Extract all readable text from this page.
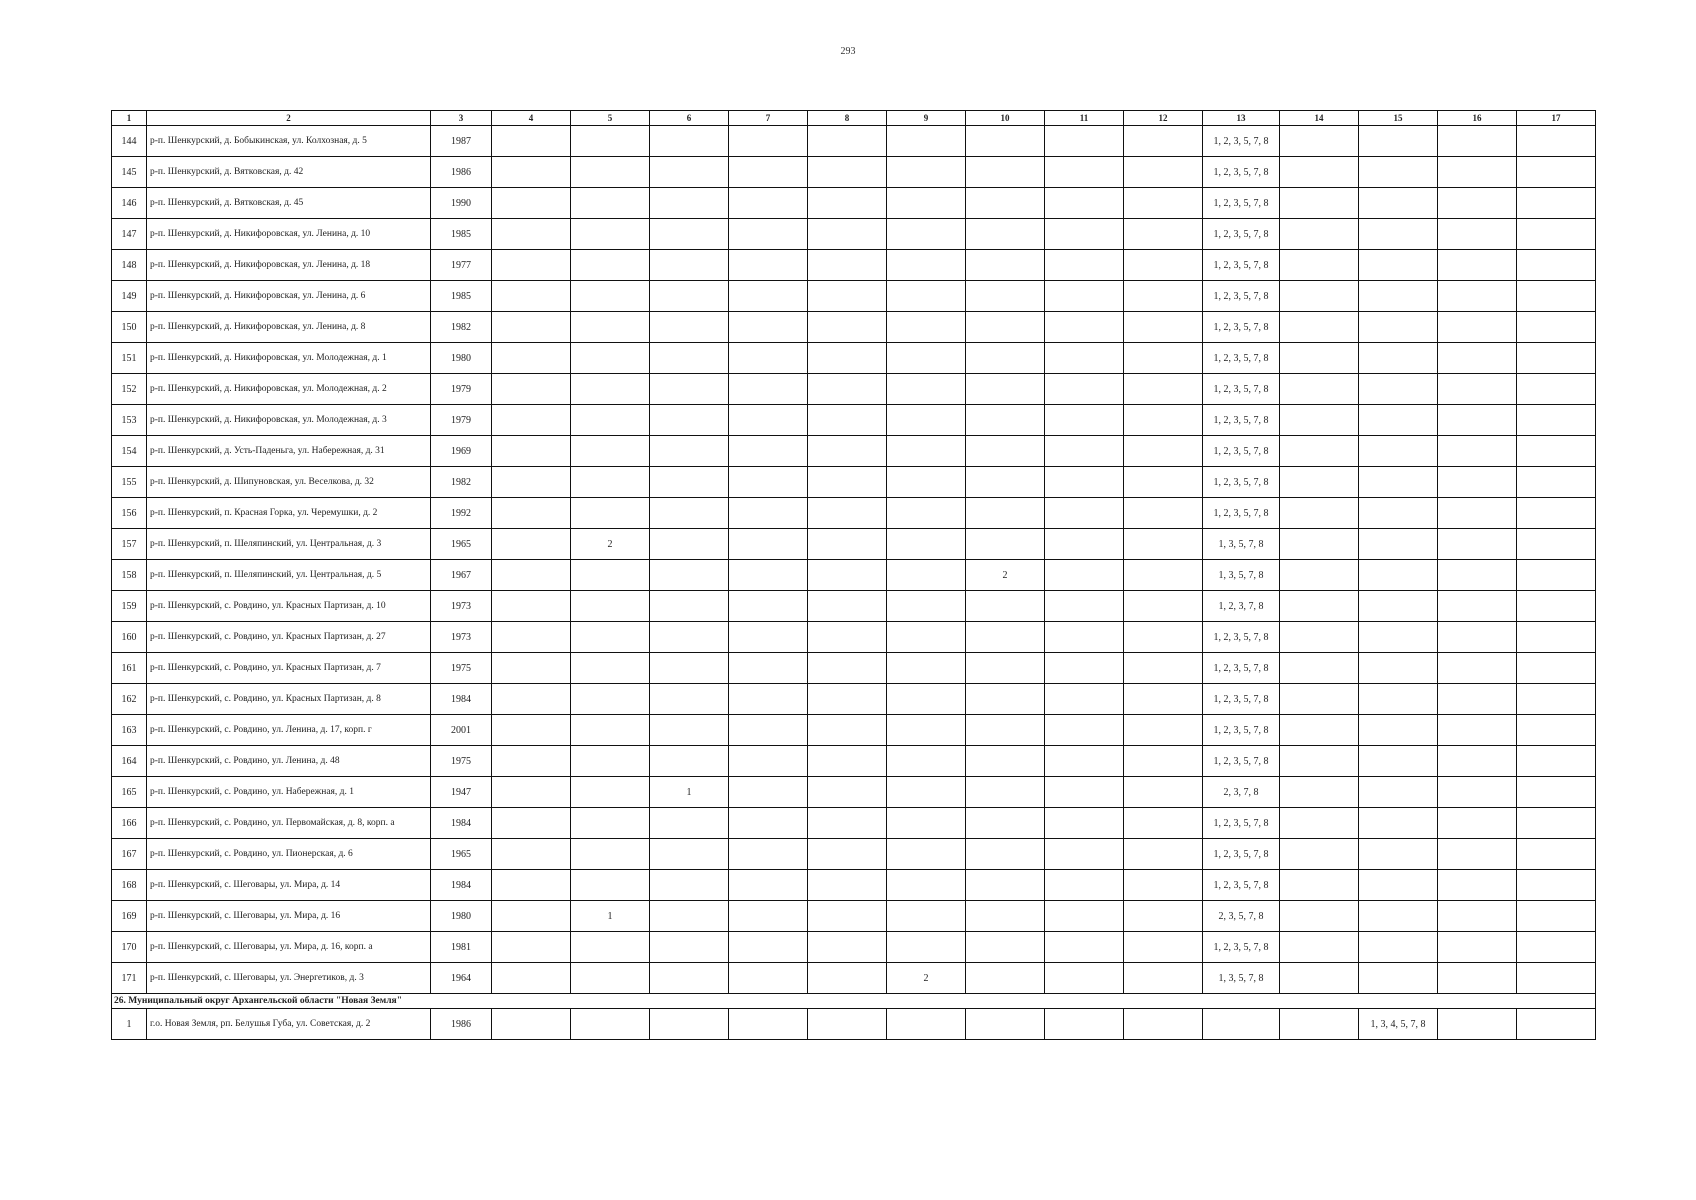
293
1	2	3	4	5	6	7	8	9	10	11	12	13	14	15	16	17
144	р-п. Шенкурский, д. Бобыкинская, ул. Колхозная, д. 5	1987										1, 2, 3, 5, 7, 8				
145	р-п. Шенкурский, д. Вятковская, д. 42	1986										1, 2, 3, 5, 7, 8				
146	р-п. Шенкурский, д. Вятковская, д. 45	1990										1, 2, 3, 5, 7, 8				
147	р-п. Шенкурский, д. Никифоровская, ул. Ленина, д. 10	1985										1, 2, 3, 5, 7, 8				
148	р-п. Шенкурский, д. Никифоровская, ул. Ленина, д. 18	1977										1, 2, 3, 5, 7, 8				
149	р-п. Шенкурский, д. Никифоровская, ул. Ленина, д. 6	1985										1, 2, 3, 5, 7, 8				
150	р-п. Шенкурский, д. Никифоровская, ул. Ленина, д. 8	1982										1, 2, 3, 5, 7, 8				
151	р-п. Шенкурский, д. Никифоровская, ул. Молодежная, д. 1	1980										1, 2, 3, 5, 7, 8				
152	р-п. Шенкурский, д. Никифоровская, ул. Молодежная, д. 2	1979										1, 2, 3, 5, 7, 8				
153	р-п. Шенкурский, д. Никифоровская, ул. Молодежная, д. 3	1979										1, 2, 3, 5, 7, 8				
154	р-п. Шенкурский, д. Усть-Паденьга, ул. Набережная, д. 31	1969										1, 2, 3, 5, 7, 8				
155	р-п. Шенкурский, д. Шипуновская, ул. Веселкова, д. 32	1982										1, 2, 3, 5, 7, 8				
156	р-п. Шенкурский, п. Красная Горка, ул. Черемушки, д. 2	1992										1, 2, 3, 5, 7, 8				
157	р-п. Шенкурский, п. Шеляпинский, ул. Центральная, д. 3	1965		2								1, 3, 5, 7, 8				
158	р-п. Шенкурский, п. Шеляпинский, ул. Центральная, д. 5	1967							2			1, 3, 5, 7, 8				
159	р-п. Шенкурский, с. Ровдино, ул. Красных Партизан, д. 10	1973										1, 2, 3, 7, 8				
160	р-п. Шенкурский, с. Ровдино, ул. Красных Партизан, д. 27	1973										1, 2, 3, 5, 7, 8				
161	р-п. Шенкурский, с. Ровдино, ул. Красных Партизан, д. 7	1975										1, 2, 3, 5, 7, 8				
162	р-п. Шенкурский, с. Ровдино, ул. Красных Партизан, д. 8	1984										1, 2, 3, 5, 7, 8				
163	р-п. Шенкурский, с. Ровдино, ул. Ленина, д. 17, корп. г	2001										1, 2, 3, 5, 7, 8				
164	р-п. Шенкурский, с. Ровдино, ул. Ленина, д. 48	1975										1, 2, 3, 5, 7, 8				
165	р-п. Шенкурский, с. Ровдино, ул. Набережная, д. 1	1947			1							2, 3, 7, 8				
166	р-п. Шенкурский, с. Ровдино, ул. Первомайская, д. 8, корп. а	1984										1, 2, 3, 5, 7, 8				
167	р-п. Шенкурский, с. Ровдино, ул. Пионерская, д. 6	1965										1, 2, 3, 5, 7, 8				
168	р-п. Шенкурский, с. Шеговары, ул. Мира, д. 14	1984										1, 2, 3, 5, 7, 8				
169	р-п. Шенкурский, с. Шеговары, ул. Мира, д. 16	1980		1								2, 3, 5, 7, 8				
170	р-п. Шенкурский, с. Шеговары, ул. Мира, д. 16, корп. а	1981										1, 2, 3, 5, 7, 8				
171	р-п. Шенкурский, с. Шеговары, ул. Энергетиков, д. 3	1964						2				1, 3, 5, 7, 8				
26. Муниципальный округ Архангельской области "Новая Земля"																
1	г.о. Новая Земля, рп. Белушья Губа, ул. Советская, д. 2	1986												1, 3, 4, 5, 7, 8		
